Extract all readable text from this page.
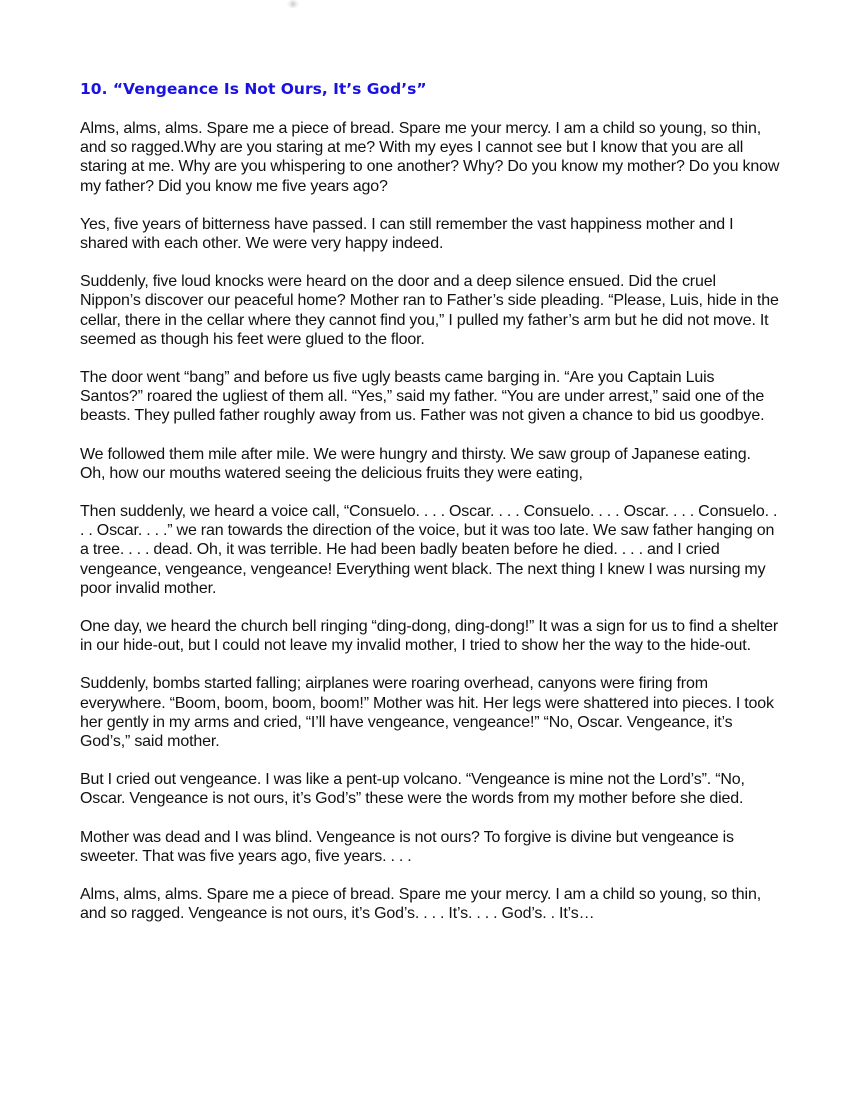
10. “Vengeance Is Not Ours, It’s God’s”

Alms, alms, alms. Spare me a piece of bread. Spare me your mercy. I am a child so young, so thin, and so ragged.Why are you staring at me? With my eyes I cannot see but I know that you are all staring at me. Why are you whispering to one another? Why? Do you know my mother? Do you know my father? Did you know me five years ago?

Yes, five years of bitterness have passed. I can still remember the vast happiness mother and I shared with each other. We were very happy indeed.

Suddenly, five loud knocks were heard on the door and a deep silence ensued. Did the cruel Nippon’s discover our peaceful home? Mother ran to Father’s side pleading. “Please, Luis, hide in the cellar, there in the cellar where they cannot find you,” I pulled my father’s arm but he did not move. It seemed as though his feet were glued to the floor.

The door went “bang” and before us five ugly beasts came barging in. “Are you Captain Luis Santos?” roared the ugliest of them all. “Yes,” said my father. “You are under arrest,” said one of the beasts. They pulled father roughly away from us. Father was not given a chance to bid us goodbye.

We followed them mile after mile. We were hungry and thirsty. We saw group of Japanese eating. Oh, how our mouths watered seeing the delicious fruits they were eating,

Then suddenly, we heard a voice call, “Consuelo. . . . Oscar. . . . Consuelo. . . . Oscar. . . . Consuelo. . . . Oscar. . . .” we ran towards the direction of the voice, but it was too late. We saw father hanging on a tree. . . . dead. Oh, it was terrible. He had been badly beaten before he died. . . . and I cried vengeance, vengeance, vengeance! Everything went black. The next thing I knew I was nursing my poor invalid mother.

One day, we heard the church bell ringing “ding-dong, ding-dong!” It was a sign for us to find a shelter in our hide-out, but I could not leave my invalid mother, I tried to show her the way to the hide-out.

Suddenly, bombs started falling; airplanes were roaring overhead, canyons were firing from everywhere. “Boom, boom, boom, boom!” Mother was hit. Her legs were shattered into pieces. I took her gently in my arms and cried, “I’ll have vengeance, vengeance!” “No, Oscar. Vengeance, it’s God’s,” said mother.

But I cried out vengeance. I was like a pent-up volcano. “Vengeance is mine not the Lord’s”. “No, Oscar. Vengeance is not ours, it’s God’s” these were the words from my mother before she died.

Mother was dead and I was blind. Vengeance is not ours? To forgive is divine but vengeance is sweeter. That was five years ago, five years. . . .

Alms, alms, alms. Spare me a piece of bread. Spare me your mercy. I am a child so young, so thin, and so ragged. Vengeance is not ours, it’s God’s. . . . It’s. . . . God’s. . It’s…
